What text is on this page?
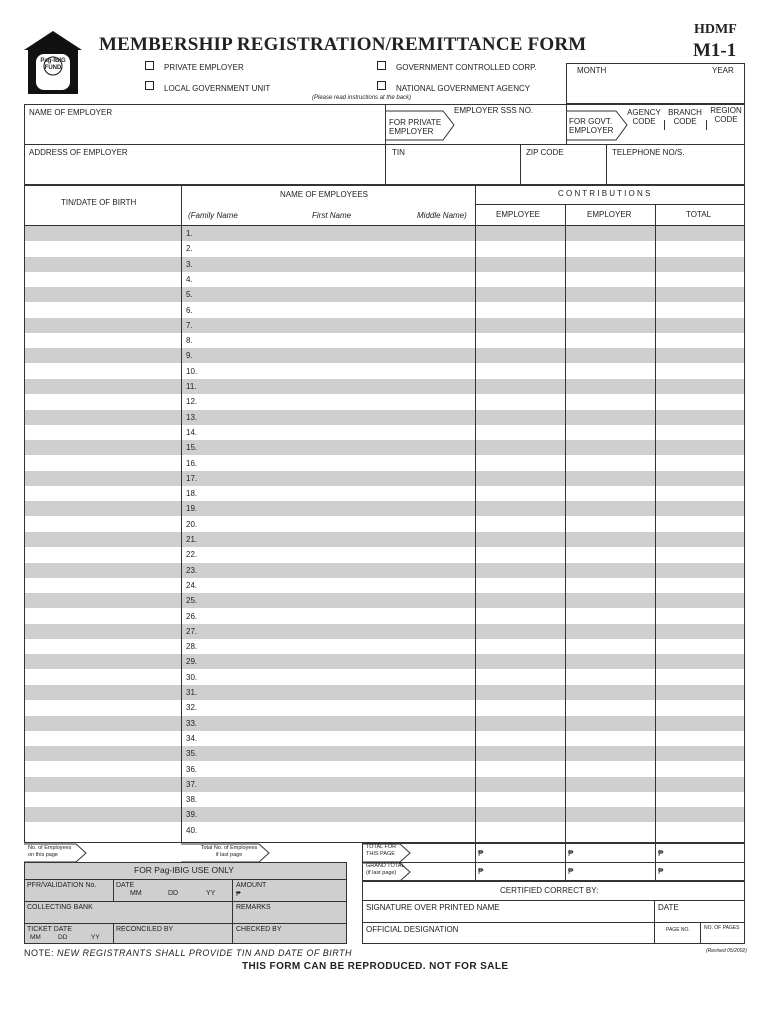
Pag-IBIG FUND
MEMBERSHIP REGISTRATION/REMITTANCE FORM
HDMF
M1-1
PRIVATE EMPLOYER
LOCAL GOVERNMENT UNIT
GOVERNMENT CONTROLLED CORP.
NATIONAL GOVERNMENT AGENCY
(Please read instructions at the back)
MONTH	YEAR
NAME OF EMPLOYER	EMPLOYER SSS NO.
FOR PRIVATE EMPLOYER
FOR GOVT. EMPLOYER
AGENCY CODE
BRANCH CODE
REGION CODE
ADDRESS OF EMPLOYER	TIN	ZIP CODE	TELEPHONE NO/S.
1.
2.
3.
4.
5.
6.
7.
8.
9.
10.
11.
12.
13.
14.
15.
16.
17.
18.
19.
20.
21.
22.
23.
24.
25.
26.
27.
28.
29.
30.
31.
32.
33.
34.
35.
36.
37.
38.
39.
40.
TIN/DATE OF BIRTH
NAME OF EMPLOYEES
(Family Name	First Name	Middle Name)
C O N T R I B U T I O N S
EMPLOYEE	EMPLOYER	TOTAL
No. of Employees on this page
Total No. of Employees if last page
TOTAL FOR THIS PAGE
GRAND TOTAL (if last page)
₱	₱	₱
₱	₱	₱
FOR Pag-IBIG USE ONLY
PFR/VALIDATION No.	DATE
MM	DD	YY
AMOUNT
₱
COLLECTING BANK	REMARKS
TICKET DATE
MM	DD	YY
RECONCILED BY	CHECKED BY
CERTIFIED CORRECT BY:
SIGNATURE OVER PRINTED NAME	DATE
OFFICIAL DESIGNATION	PAGE NO.	NO. OF PAGES
(Revised 05/2002)
NOTE: NEW REGISTRANTS SHALL PROVIDE TIN AND DATE OF BIRTH
THIS FORM CAN BE REPRODUCED. NOT FOR SALE
